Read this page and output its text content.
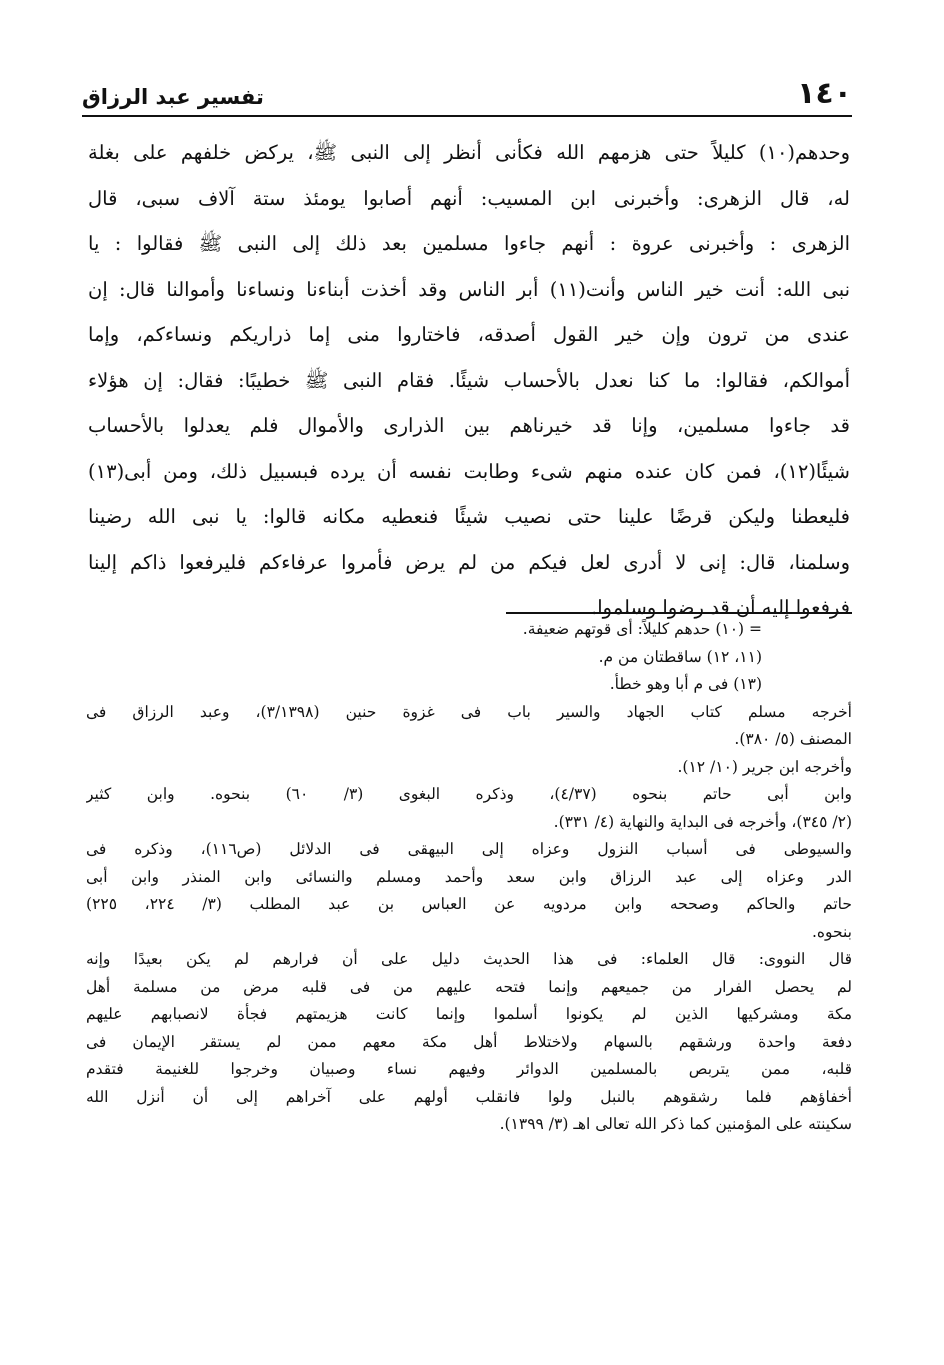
١٤٠
تفسير عبد الرزاق
وحدهم(١٠) كليلاً حتى هزمهم الله فكأنى أنظر إلى النبى ﷺ، يركض خلفهم على بغلة
له، قال الزهرى: وأخبرنى ابن المسيب: أنهم أصابوا يومئذ ستة آلاف سبى، قال
الزهرى : وأخبرنى عروة : أنهم جاءوا مسلمين بعد ذلك إلى النبى ﷺ فقالوا : يا
نبى الله: أنت خير الناس وأنت(١١) أبر الناس وقد أخذت أبناءنا ونساءنا وأموالنا قال: إن
عندى من ترون وإن خير القول أصدقه، فاختاروا منى إما ذراريكم ونساءكم، وإما
أموالكم، فقالوا: ما كنا نعدل بالأحساب شيئًا. فقام النبى ﷺ خطيبًا: فقال: إن هؤلاء
قد جاءوا مسلمين، وإنا قد خيرناهم بين الذرارى والأموال فلم يعدلوا بالأحساب
شيئًا(١٢)، فمن كان عنده منهم شىء وطابت نفسه أن يرده فبسبيل ذلك، ومن أبى(١٣)
فليعطنا وليكن قرضًا علينا حتى نصيب شيئًا فنعطيه مكانه قالوا: يا نبى الله رضينا
وسلمنا، قال: إنى لا أدرى لعل فيكم من لم يرض فأمروا عرفاءكم فليرفعوا ذاكم إلينا
فرفعوا إليه أن قد رضوا وسلموا.
= (١٠) حدهم كليلاً: أى قوتهم ضعيفة.
(١١، ١٢) ساقطتان من م.
(١٣) فى م أبا وهو خطأ.
أخرجه مسلم كتاب الجهاد والسير باب فى غزوة حنين (٣/١٣٩٨)، وعبد الرزاق فى
المصنف (٥/ ٣٨٠).
وأخرجه ابن جرير (١٠/ ١٢).
وابن أبى حاتم بنحوه (٤/٣٧)، وذكره البغوى (٣/ ٦٠) بنحوه. وابن كثير
(٢/ ٣٤٥)، وأخرجه فى البداية والنهاية (٤/ ٣٣١).
والسيوطى فى أسباب النزول وعزاه إلى البيهقى فى الدلائل (ص١١٦)، وذكره فى
الدر وعزاه إلى عبد الرزاق وابن سعد وأحمد ومسلم والنسائى وابن المنذر وابن أبى
حاتم والحاكم وصححه وابن مردويه عن العباس بن عبد المطلب (٣/ ٢٢٤، ٢٢٥)
بنحوه.
قال النووى: قال العلماء: فى هذا الحديث دليل على أن فرارهم لم يكن بعيدًا وإنه
لم يحصل الفرار من جميعهم وإنما فتحه عليهم من فى قلبه مرض من مسلمة أهل
مكة ومشركيها الذين لم يكونوا أسلموا وإنما كانت هزيمتهم فجأة لانصبابهم عليهم
دفعة واحدة ورشقهم بالسهام ولاختلاط أهل مكة معهم ممن لم يستقر الإيمان فى
قلبه، ممن يتربص بالمسلمين الدوائر وفيهم نساء وصبيان وخرجوا للغنيمة فتقدم
أخفاؤهم فلما رشقوهم بالنبل ولوا فانقلب أولهم على آخراهم إلى أن أنزل الله
سكينته على المؤمنين كما ذكر الله تعالى اهـ (٣/ ١٣٩٩).
